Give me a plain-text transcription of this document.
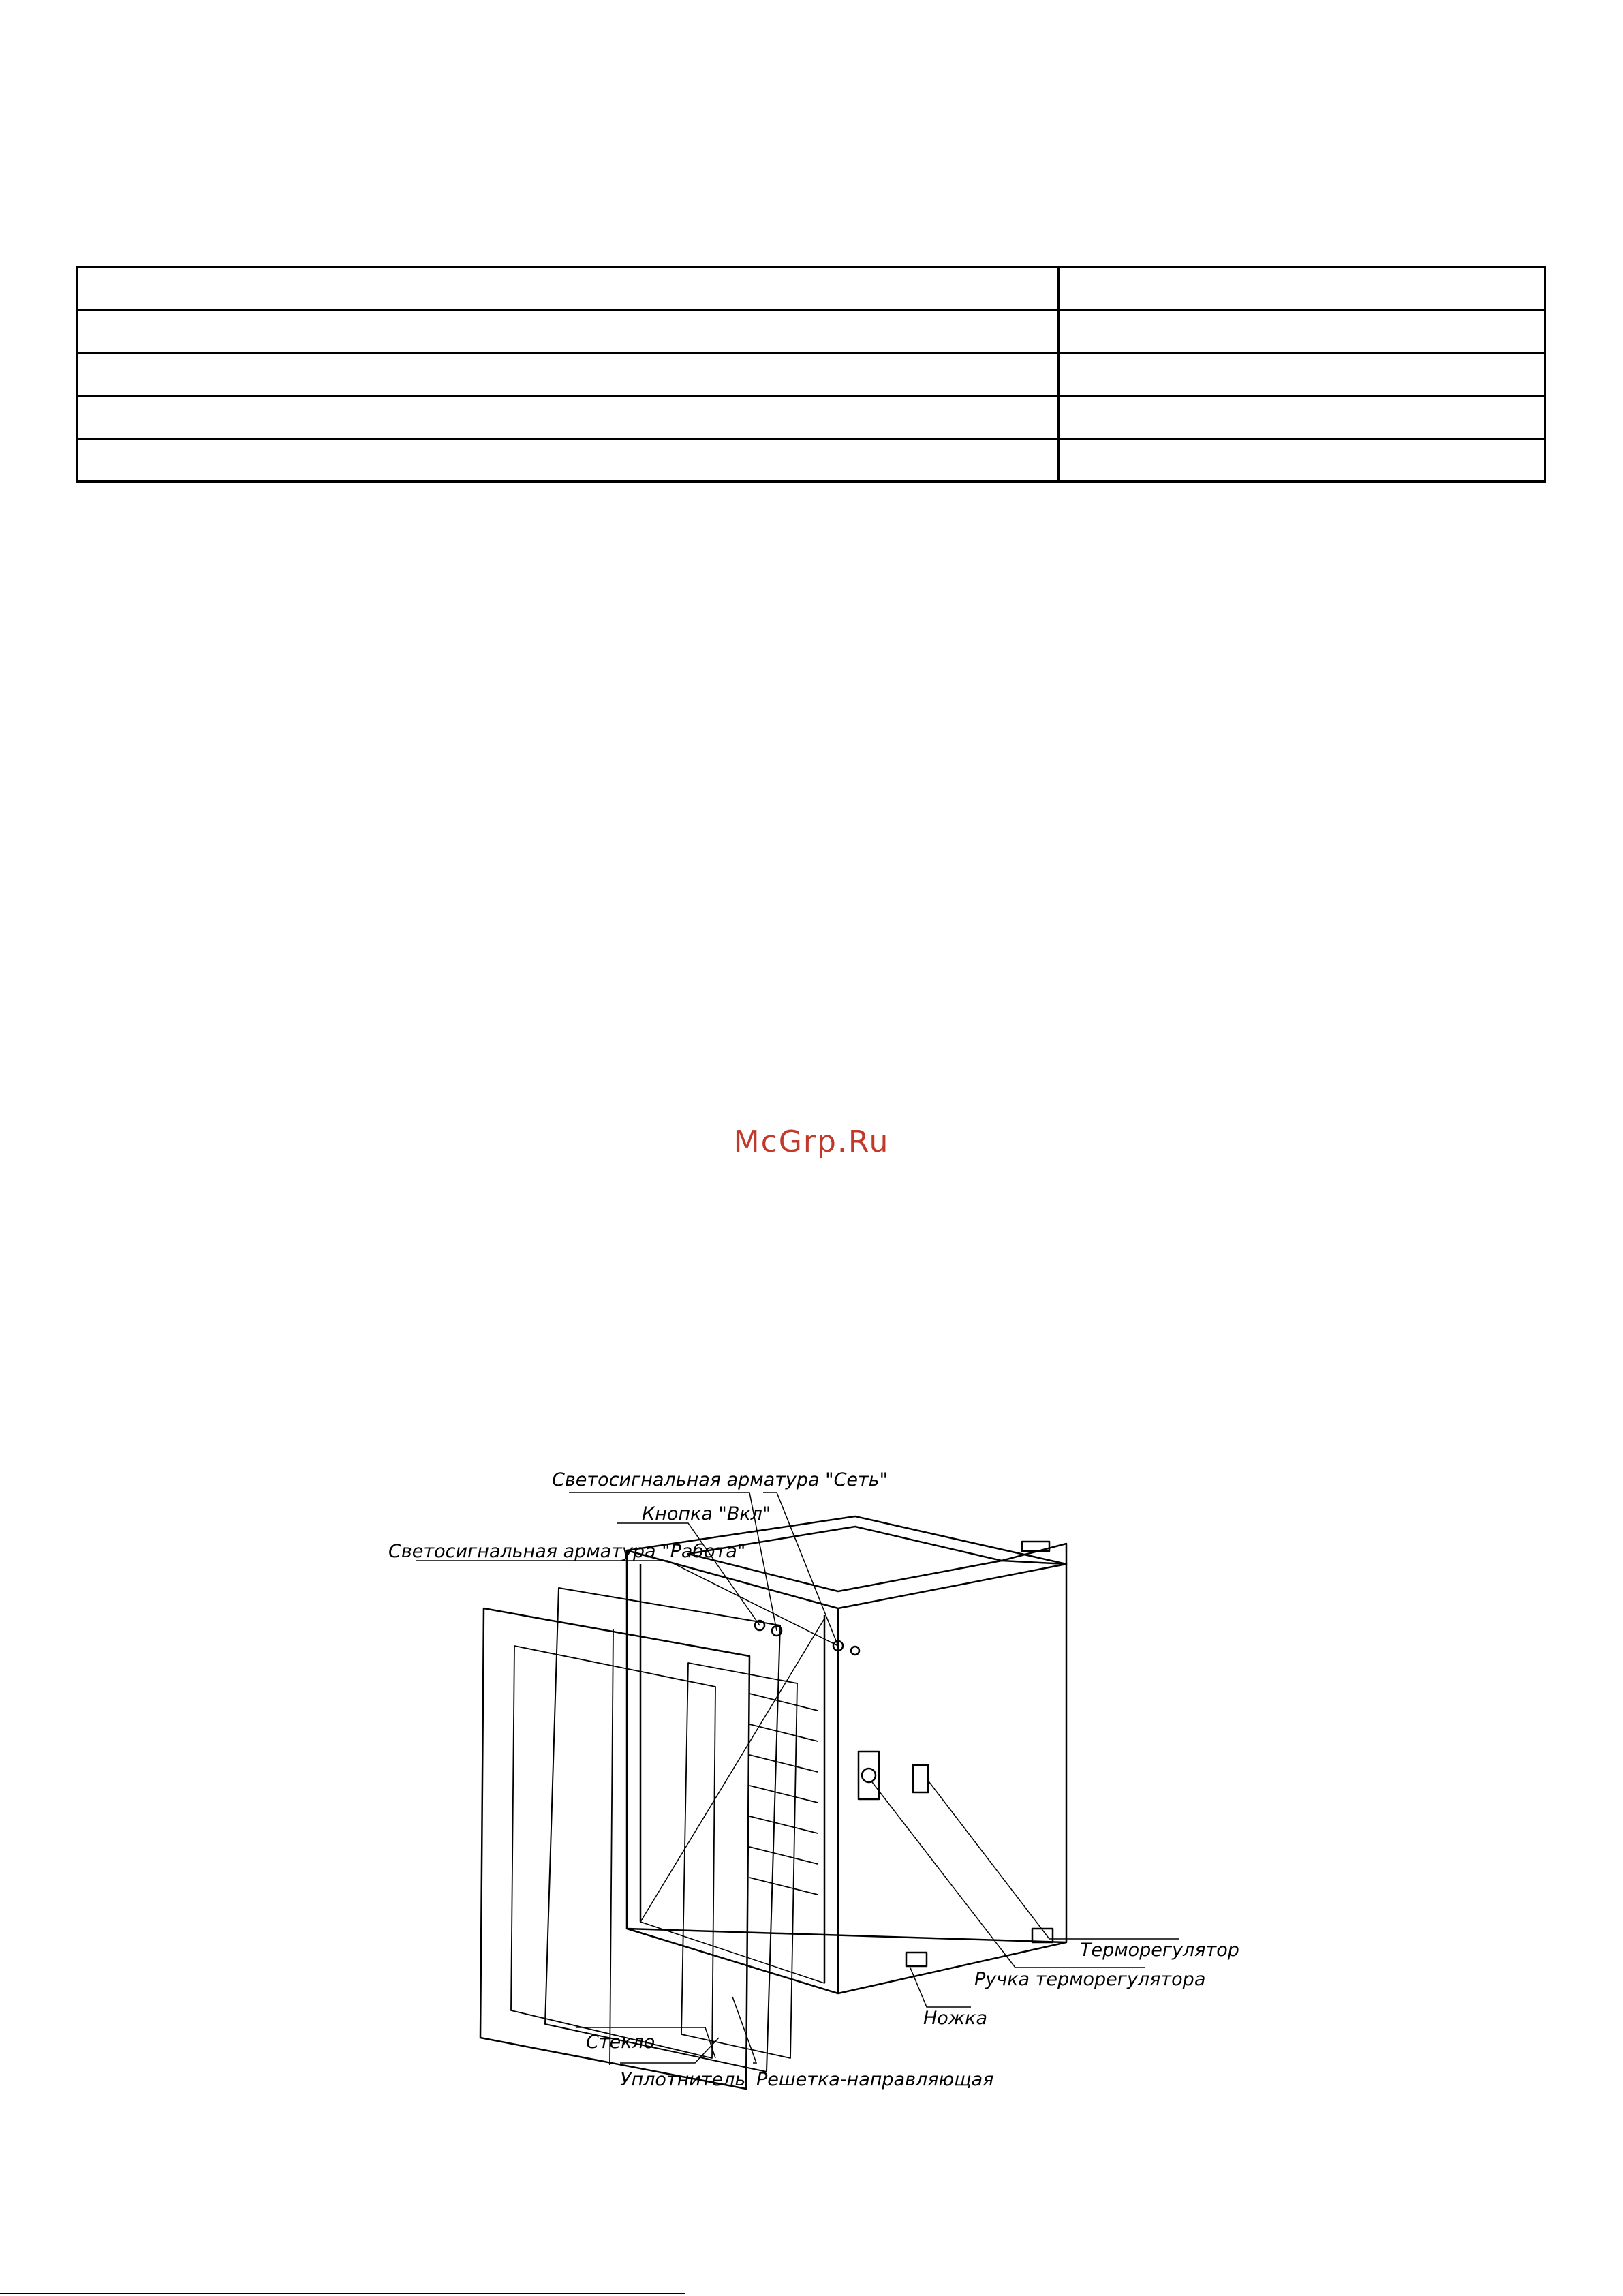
McGrp.Ru
Светосигнальная арматура "Сеть"
Кнопка "Вкл"
Светосигнальная арматура "Работа"
Терморегулятор
Ручка терморегулятора
Ножка
Стекло
Уплотнитель Решетка-направляющая
